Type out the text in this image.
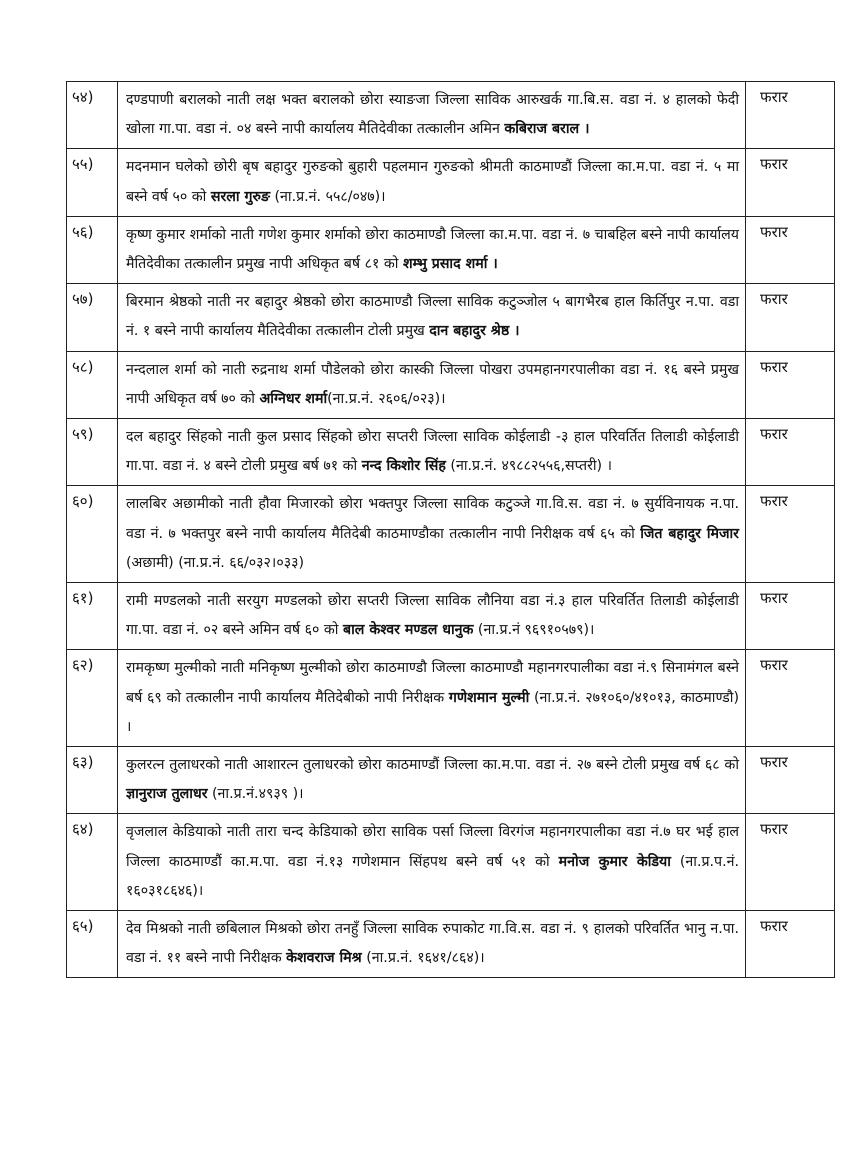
५४)	दण्डपाणी बरालको नाती लक्ष भक्त बरालको छोरा स्याङजा जिल्ला साविक आरुखर्क गा.बि.स. वडा नं. ४ हालको फेदी खोला गा.पा. वडा नं. ०४ बस्ने नापी कार्यालय मैतिदेवीका तत्कालीन अमिन कबिराज बराल ।	फरार

५५)	मदनमान घलेको छोरी बृष बहादुर गुरुङको बुहारी पहलमान गुरुङको श्रीमती काठमाण्डौं जिल्ला का.म.पा. वडा नं. ५ मा बस्ने वर्ष ५० को सरला गुरुङ (ना.प्र.नं. ५५८/०४७)।	फरार

५६)	कृष्ण कुमार शर्माको नाती गणेश कुमार शर्माको छोरा काठमाण्डौ जिल्ला का.म.पा. वडा नं. ७ चाबहिल बस्ने नापी कार्यालय मैतिदेवीका तत्कालीन प्रमुख नापी अधिकृत बर्ष ८१ को शम्भु प्रसाद शर्मा ।	फरार

५७)	बिरमान श्रेष्ठको नाती नर बहादुर श्रेष्ठको छोरा काठमाण्डौ जिल्ला साविक कटुञ्जोल ५ बागभैरब हाल किर्तिपुर न.पा. वडा नं. १ बस्ने नापी कार्यालय मैतिदेवीका तत्कालीन टोली प्रमुख दान बहादुर श्रेष्ठ ।	फरार

५८)	नन्दलाल शर्मा को नाती रुद्रनाथ शर्मा पौडेलको छोरा कास्की जिल्ला पोखरा उपमहानगरपालीका वडा नं. १६ बस्ने प्रमुख नापी अधिकृत वर्ष ७० को अग्निधर शर्मा(ना.प्र.नं. २६०६/०२३)।	फरार

५९)	दल बहादुर सिंहको नाती कुल प्रसाद सिंहको छोरा सप्तरी जिल्ला साविक कोईलाडी -३ हाल परिवर्तित तिलाडी कोईलाडी गा.पा. वडा नं. ४ बस्ने टोली प्रमुख बर्ष ७१ को नन्द किशोर सिंह (ना.प्र.नं. ४९८८२५५६,सप्तरी) ।	फरार

६०)	लालबिर अछामीको नाती हौवा मिजारको छोरा भक्तपुर जिल्ला साविक कटुञ्जे गा.वि.स. वडा नं. ७ सुर्यविनायक न.पा. वडा नं. ७ भक्तपुर बस्ने नापी कार्यालय मैतिदेबी काठमाण्डौका तत्कालीन नापी निरीक्षक वर्ष ६५ को जित बहादुर मिजार (अछामी) (ना.प्र.नं. ६६/०३२।०३३)	फरार

६१)	रामी मण्डलको नाती सरयुग मण्डलको छोरा सप्तरी जिल्ला साविक लौनिया वडा नं.३ हाल परिवर्तित तिलाडी कोईलाडी गा.पा. वडा नं. ०२ बस्ने अमिन वर्ष ६० को बाल केश्वर मण्डल धानुक (ना.प्र.नं ९६९१०५७९)।	फरार

६२)	रामकृष्ण मुल्मीको नाती मनिकृष्ण मुल्मीको छोरा काठमाण्डौ जिल्ला काठमाण्डौ महानगरपालीका वडा नं.९ सिनामंगल बस्ने बर्ष ६९ को तत्कालीन नापी कार्यालय मैतिदेबीको नापी निरीक्षक गणेशमान मुल्मी (ना.प्र.नं. २७१०६०/४१०१३, काठमाण्डौ) ।	फरार

६३)	कुलरत्न तुलाधरको नाती आशारत्न तुलाधरको छोरा काठमाण्डौं जिल्ला का.म.पा. वडा नं. २७ बस्ने टोली प्रमुख वर्ष ६८ को ज्ञानुराज तुलाधर (ना.प्र.नं.४९३९ )।	फरार

६४)	वृजलाल केडियाको नाती तारा चन्द केडियाको छोरा साविक पर्सा जिल्ला विरगंज महानगरपालीका वडा नं.७ घर भई हाल जिल्ला काठमाण्डौं का.म.पा. वडा नं.१३ गणेशमान सिंहपथ बस्ने वर्ष ५१ को मनोज कुमार केडिया (ना.प्र.प.नं. १६०३१८६४६)।	फरार

६५)	देव मिश्रको नाती छबिलाल मिश्रको छोरा तनहुँ जिल्ला साविक रुपाकोट गा.वि.स. वडा नं. ९ हालको परिवर्तित भानु न.पा. वडा नं. ११ बस्ने नापी निरीक्षक केशवराज मिश्र (ना.प्र.नं. १६४१/८६४)।	फरार
